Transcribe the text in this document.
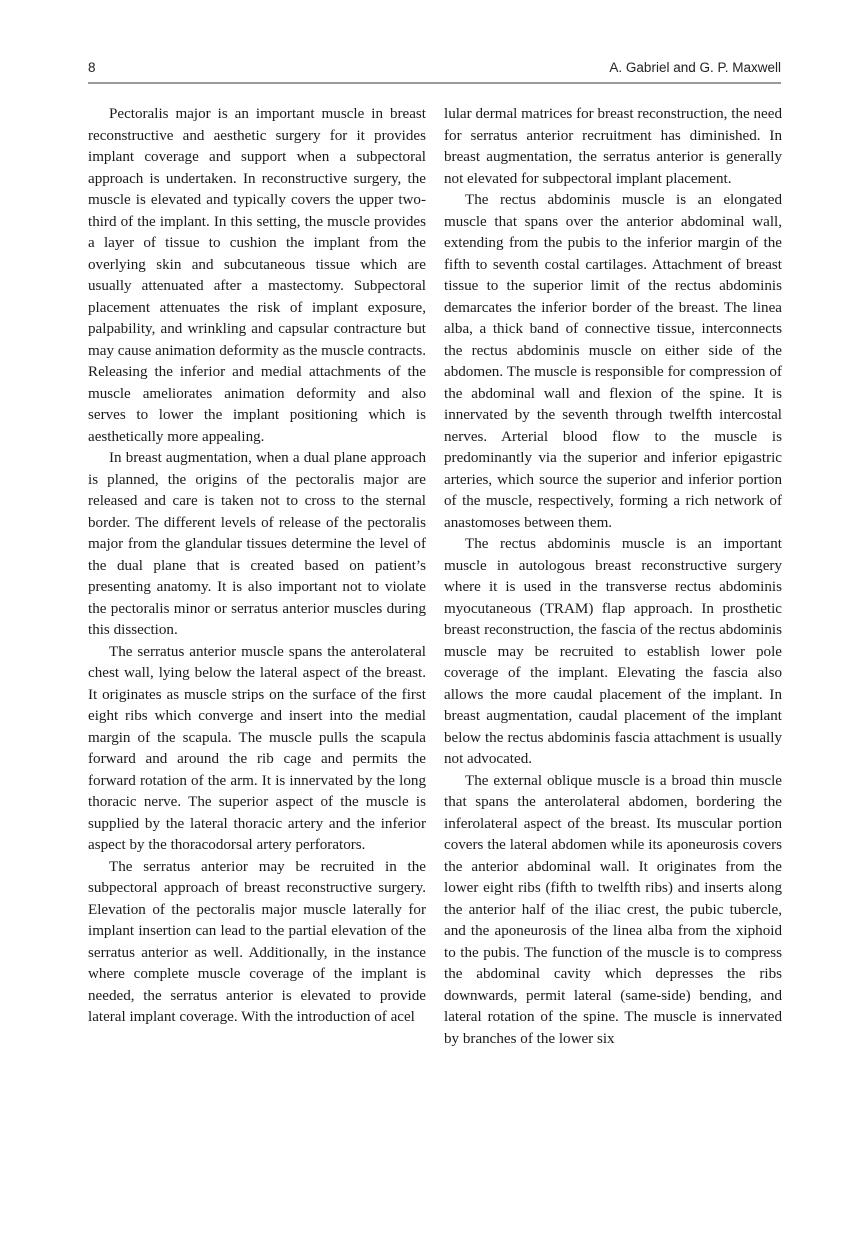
8	A. Gabriel and G. P. Maxwell

Pectoralis major is an important muscle in breast reconstructive and aesthetic surgery for it provides implant coverage and support when a subpectoral approach is undertaken. In reconstructive surgery, the muscle is elevated and typically covers the upper two-third of the implant. In this setting, the muscle provides a layer of tissue to cushion the implant from the overlying skin and subcutaneous tissue which are usually attenuated after a mastectomy. Subpectoral placement attenuates the risk of implant exposure, palpability, and wrinkling and capsular contracture but may cause animation deformity as the muscle contracts. Releasing the inferior and medial attachments of the muscle ameliorates animation deformity and also serves to lower the implant positioning which is aesthetically more appealing.

In breast augmentation, when a dual plane approach is planned, the origins of the pectoralis major are released and care is taken not to cross to the sternal border. The different levels of release of the pectoralis major from the glandular tissues determine the level of the dual plane that is created based on patient’s presenting anatomy. It is also important not to violate the pectoralis minor or serratus anterior muscles during this dissection.

The serratus anterior muscle spans the anterolateral chest wall, lying below the lateral aspect of the breast. It originates as muscle strips on the surface of the first eight ribs which converge and insert into the medial margin of the scapula. The muscle pulls the scapula forward and around the rib cage and permits the forward rotation of the arm. It is innervated by the long thoracic nerve. The superior aspect of the muscle is supplied by the lateral thoracic artery and the inferior aspect by the thoracodorsal artery perforators.

The serratus anterior may be recruited in the subpectoral approach of breast reconstructive surgery. Elevation of the pectoralis major muscle laterally for implant insertion can lead to the partial elevation of the serratus anterior as well. Additionally, in the instance where complete muscle coverage of the implant is needed, the serratus anterior is elevated to provide lateral implant coverage. With the introduction of acel

lular dermal matrices for breast reconstruction, the need for serratus anterior recruitment has diminished. In breast augmentation, the serratus anterior is generally not elevated for subpectoral implant placement.

The rectus abdominis muscle is an elongated muscle that spans over the anterior abdominal wall, extending from the pubis to the inferior margin of the fifth to seventh costal cartilages. Attachment of breast tissue to the superior limit of the rectus abdominis demarcates the inferior border of the breast. The linea alba, a thick band of connective tissue, interconnects the rectus abdominis muscle on either side of the abdomen. The muscle is responsible for compression of the abdominal wall and flexion of the spine. It is innervated by the seventh through twelfth intercostal nerves. Arterial blood flow to the muscle is predominantly via the superior and inferior epigastric arteries, which source the superior and inferior portion of the muscle, respectively, forming a rich network of anastomoses between them.

The rectus abdominis muscle is an important muscle in autologous breast reconstructive surgery where it is used in the transverse rectus abdominis myocutaneous (TRAM) flap approach. In prosthetic breast reconstruction, the fascia of the rectus abdominis muscle may be recruited to establish lower pole coverage of the implant. Elevating the fascia also allows the more caudal placement of the implant. In breast augmentation, caudal placement of the implant below the rectus abdominis fascia attachment is usually not advocated.

The external oblique muscle is a broad thin muscle that spans the anterolateral abdomen, bordering the inferolateral aspect of the breast. Its muscular portion covers the lateral abdomen while its aponeurosis covers the anterior abdominal wall. It originates from the lower eight ribs (fifth to twelfth ribs) and inserts along the anterior half of the iliac crest, the pubic tubercle, and the aponeurosis of the linea alba from the xiphoid to the pubis. The function of the muscle is to compress the abdominal cavity which depresses the ribs downwards, permit lateral (same-side) bending, and lateral rotation of the spine. The muscle is innervated by branches of the lower six
